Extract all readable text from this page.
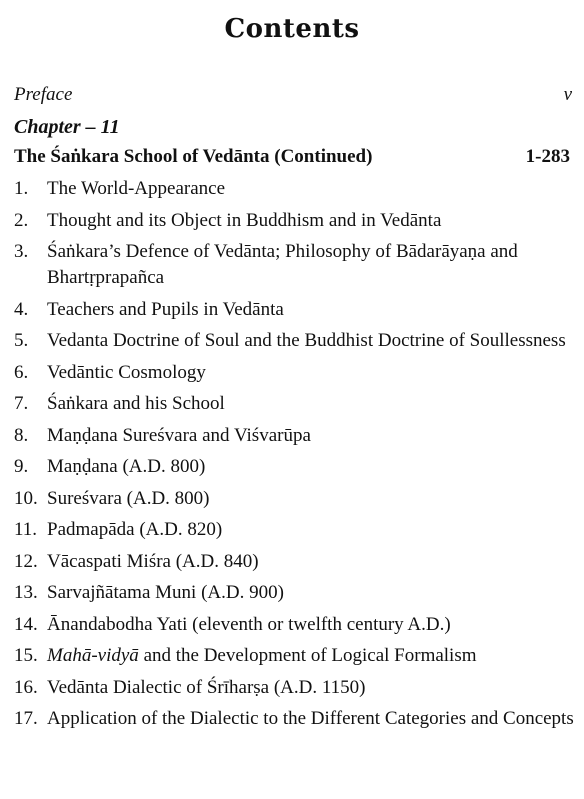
Contents
Preface	v
Chapter – 11
The Śaṅkara School of Vedānta (Continued)	1-283
1. The World-Appearance
2. Thought and its Object in Buddhism and in Vedānta
3. Śaṅkara’s Defence of Vedānta; Philosophy of Bādarāyaṇa and Bhartṛprapañca
4. Teachers and Pupils in Vedānta
5. Vedanta Doctrine of Soul and the Buddhist Doctrine of Soullessness
6. Vedāntic Cosmology
7. Śaṅkara and his School
8. Maṇḍana Sureśvara and Viśvarūpa
9. Maṇḍana (A.D. 800)
10. Sureśvara (A.D. 800)
11. Padmapāda (A.D. 820)
12. Vācaspati Miśra (A.D. 840)
13. Sarvajñātama Muni (A.D. 900)
14. Ānandabodha Yati (eleventh or twelfth century A.D.)
15. Mahā-vidyā and the Development of Logical Formalism
16. Vedānta Dialectic of Śrīharṣa (A.D. 1150)
17. Application of the Dialectic to the Different Categories and Concepts
